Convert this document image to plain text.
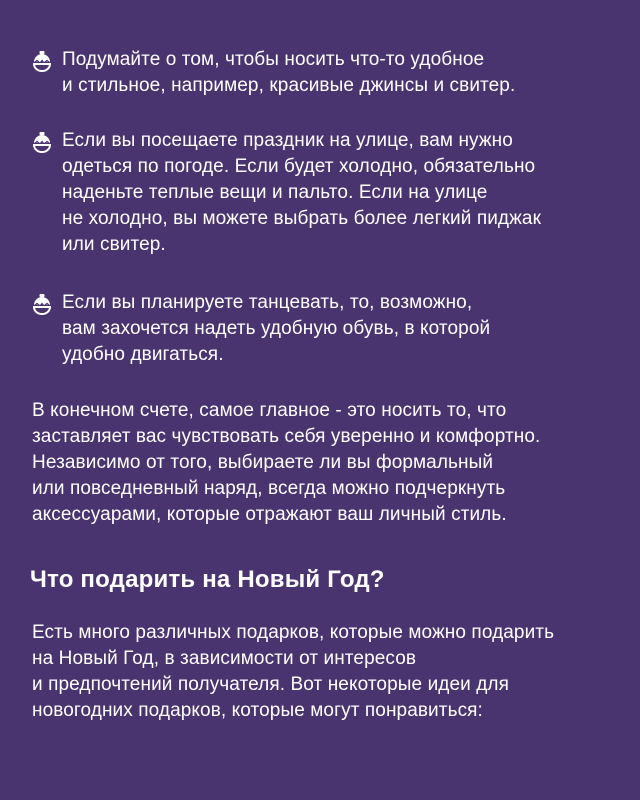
Подумайте о том, чтобы носить что-то удобное
и стильное, например, красивые джинсы и свитер.
Если вы посещаете праздник на улице, вам нужно
одеться по погоде. Если будет холодно, обязательно
наденьте теплые вещи и пальто. Если на улице
не холодно, вы можете выбрать более легкий пиджак
или свитер.
Если вы планируете танцевать, то, возможно,
вам захочется надеть удобную обувь, в которой
удобно двигаться.
В конечном счете, самое главное - это носить то, что
заставляет вас чувствовать себя уверенно и комфортно.
Независимо от того, выбираете ли вы формальный
или повседневный наряд, всегда можно подчеркнуть
аксессуарами, которые отражают ваш личный стиль.
Что подарить на Новый Год?
Есть много различных подарков, которые можно подарить
на Новый Год, в зависимости от интересов
и предпочтений получателя. Вот некоторые идеи для
новогодних подарков, которые могут понравиться:
